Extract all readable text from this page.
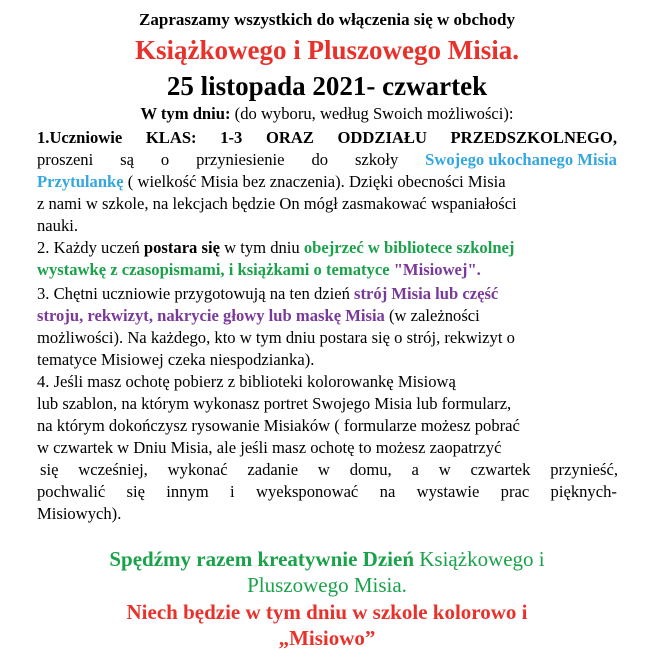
Zapraszamy wszystkich do włączenia się w obchody
Książkowego i Pluszowego Misia.
25 listopada 2021- czwartek
W tym dniu: (do wyboru, według Swoich możliwości):
1.Uczniowie KLAS: 1-3 ORAZ ODDZIAŁU PRZEDSZKOLNEGO,
proszeni są o przyniesienie do szkoły Swojego ukochanego Misia
Przytulankę ( wielkość Misia bez znaczenia). Dzięki obecności Misia
z nami w szkole, na lekcjach będzie On mógł zasmakować wspaniałości
nauki.
2. Każdy uczeń postara się w tym dniu obejrzeć w bibliotece szkolnej
wystawkę z czasopismami, i książkami o tematyce "Misiowej".
3. Chętni uczniowie przygotowują na ten dzień strój Misia lub część
stroju, rekwizyt, nakrycie głowy lub maskę Misia (w zależności
możliwości). Na każdego, kto w tym dniu postara się o strój, rekwizyt o
tematyce Misiowej czeka niespodzianka).
4. Jeśli masz ochotę pobierz z biblioteki kolorowankę Misiową
lub szablon, na którym wykonasz portret Swojego Misia lub formularz,
na którym dokończysz rysowanie Misiaków ( formularze możesz pobrać
w czwartek w Dniu Misia, ale jeśli masz ochotę to możesz zaopatrzyć
się wcześniej, wykonać zadanie w domu, a w czwartek przynieść,
pochwalić się innym i wyeksponować na wystawie prac pięknych-
Misiowych).
Spędźmy razem kreatywnie Dzień Książkowego i
Pluszowego Misia.
Niech będzie w tym dniu w szkole kolorowo i
„Misiowo”
